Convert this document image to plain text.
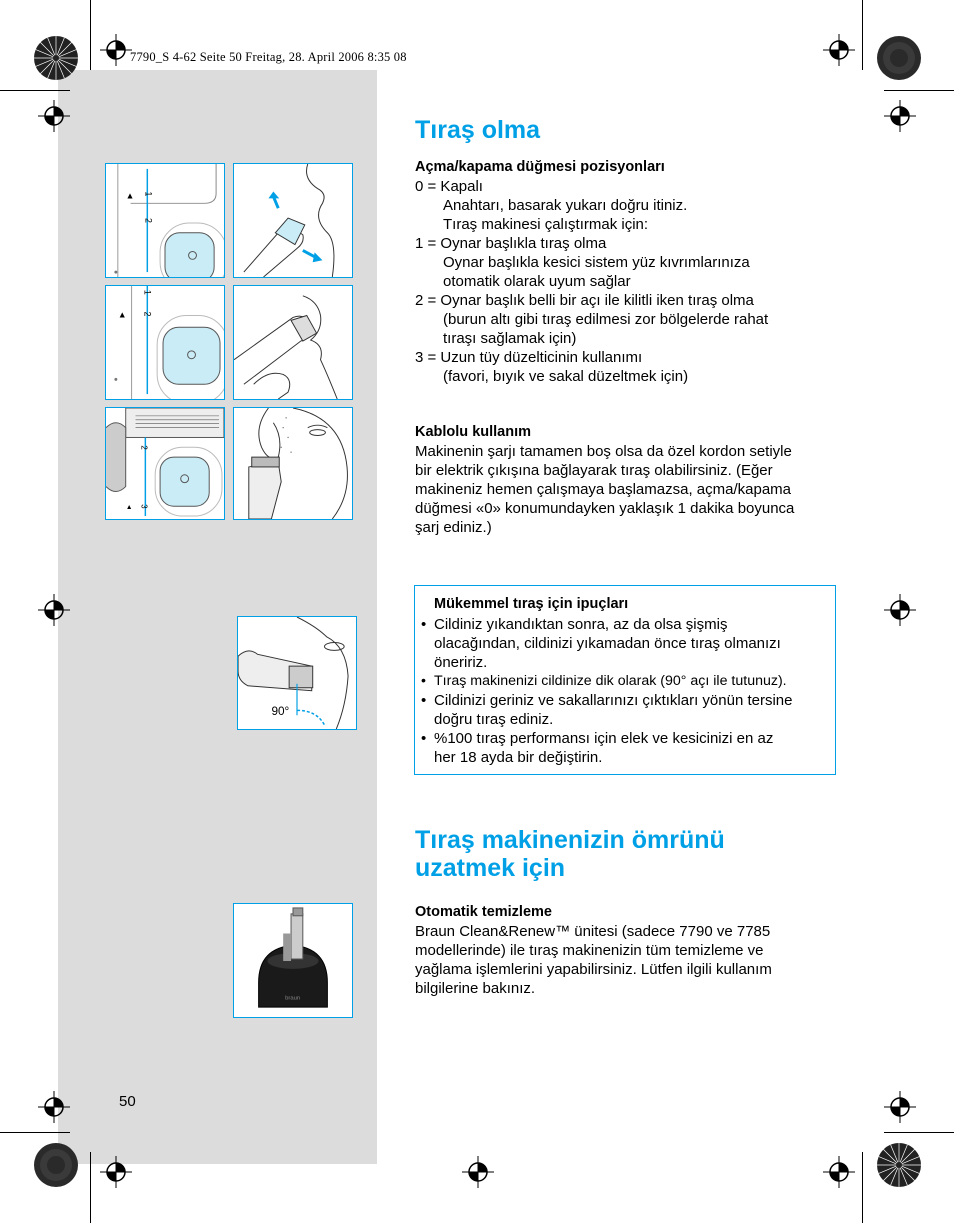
7790_S 4-62 Seite 50 Freitag, 28. April 2006 8:35 08
▲ 1
2
▲
1
2
2
3
▲
90°
braun
Tıraş olma
Açma/kapama düğmesi pozisyonları
0 = Kapalı
Anahtarı, basarak yukarı doğru itiniz.
Tıraş makinesi çalıştırmak için:
1 = Oynar başlıkla tıraş olma
Oynar başlıkla kesici sistem yüz kıvrımlarınıza
otomatik olarak uyum sağlar
2 = Oynar başlık belli bir açı ile kilitli iken tıraş olma
(burun altı gibi tıraş edilmesi zor bölgelerde rahat
tıraşı sağlamak için)
3 = Uzun tüy düzelticinin kullanımı
(favori, bıyık ve sakal düzeltmek için)
Kablolu kullanım
Makinenin şarjı tamamen boş olsa da özel kordon setiyle
bir elektrik çıkışına bağlayarak tıraş olabilirsiniz. (Eğer
makineniz hemen çalışmaya başlamazsa, açma/kapama
düğmesi «0» konumundayken yaklaşık 1 dakika boyunca
şarj ediniz.)
Mükemmel tıraş için ipuçları
• Cildiniz yıkandıktan sonra, az da olsa şişmiş
olacağından, cildinizi yıkamadan önce tıraş olmanızı
öneririz.
• Tıraş makinenizi cildinize dik olarak (90° açı ile tutunuz).
• Cildinizi geriniz ve sakallarınızı çıktıkları yönün tersine
doğru tıraş ediniz.
• %100 tıraş performansı için elek ve kesicinizi en az
her 18 ayda bir değiştirin.
Tıraş makinenizin ömrünü
uzatmek için
Otomatik temizleme
Braun Clean&Renew™ ünitesi (sadece 7790 ve 7785
modellerinde) ile tıraş makinenizin tüm temizleme ve
yağlama işlemlerini yapabilirsiniz. Lütfen ilgili kullanım
bilgilerine bakınız.
50
